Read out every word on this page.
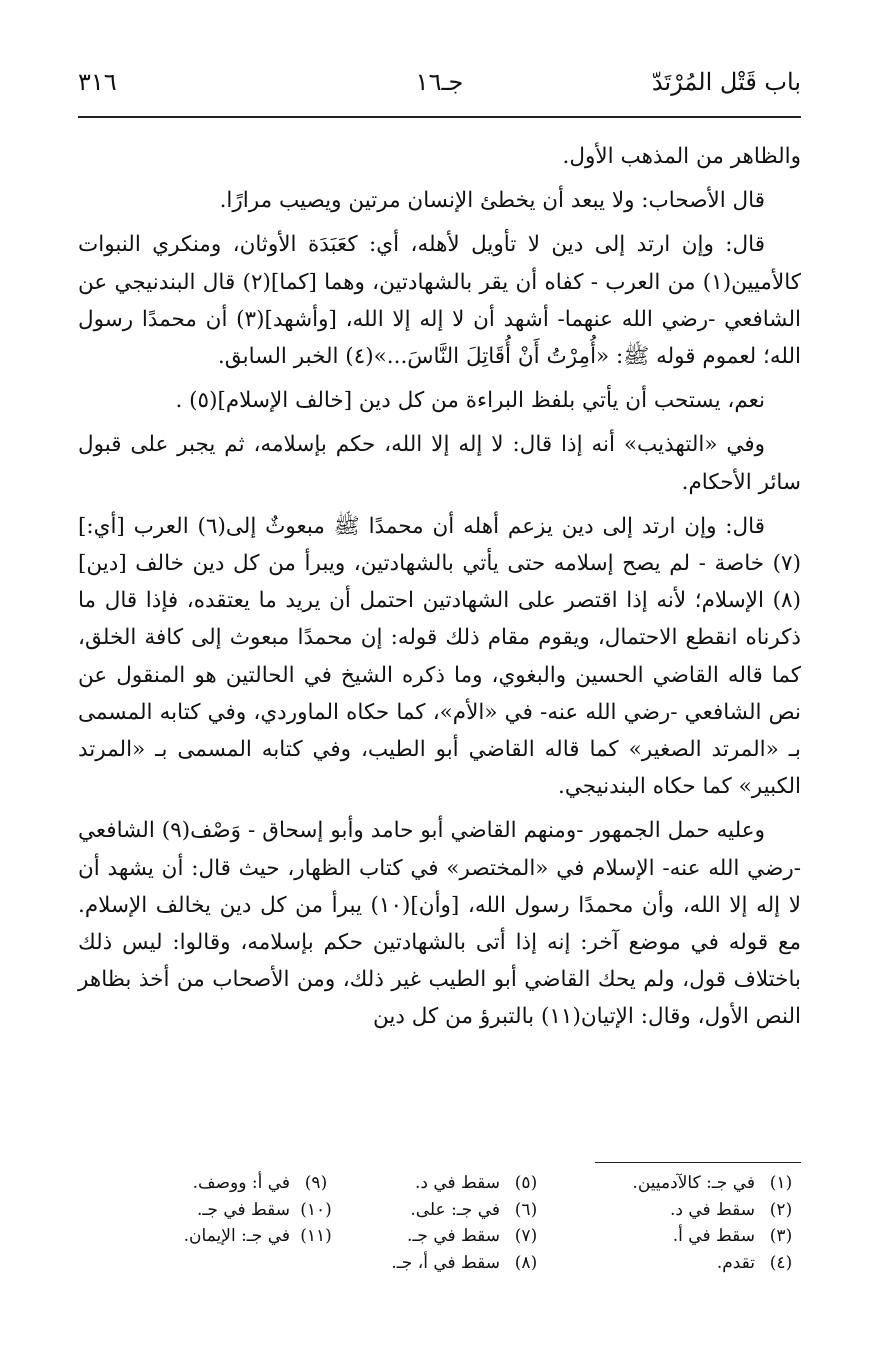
باب قَتْل المُرْتَدّ
جـ١٦
٣١٦

والظاهر من المذهب الأول.

قال الأصحاب: ولا يبعد أن يخطئ الإنسان مرتين ويصيب مرارًا.

قال: وإن ارتد إلى دين لا تأويل لأهله، أي: كعَبَدَة الأوثان، ومنكري النبوات كالأميين(١) من العرب - كفاه أن يقر بالشهادتين، وهما [كما](٢) قال البندنيجي عن الشافعي -رضي الله عنهما- أشهد أن لا إله إلا الله، [وأشهد](٣) أن محمدًا رسول الله؛ لعموم قوله ﷺ: «أُمِرْتُ أَنْ أُقَاتِلَ النَّاسَ...»(٤) الخبر السابق.

نعم، يستحب أن يأتي بلفظ البراءة من كل دين [خالف الإسلام](٥) .

وفي «التهذيب» أنه إذا قال: لا إله إلا الله، حكم بإسلامه، ثم يجبر على قبول سائر الأحكام.

قال: وإن ارتد إلى دين يزعم أهله أن محمدًا ﷺ مبعوثٌ إلى(٦) العرب [أي:](٧) خاصة - لم يصح إسلامه حتى يأتي بالشهادتين، ويبرأ من كل دين خالف [دين](٨) الإسلام؛ لأنه إذا اقتصر على الشهادتين احتمل أن يريد ما يعتقده، فإذا قال ما ذكرناه انقطع الاحتمال، ويقوم مقام ذلك قوله: إن محمدًا مبعوث إلى كافة الخلق، كما قاله القاضي الحسين والبغوي، وما ذكره الشيخ في الحالتين هو المنقول عن نص الشافعي -رضي الله عنه- في «الأم»، كما حكاه الماوردي، وفي كتابه المسمى بـ «المرتد الصغير» كما قاله القاضي أبو الطيب، وفي كتابه المسمى بـ «المرتد الكبير» كما حكاه البندنيجي.

وعليه حمل الجمهور -ومنهم القاضي أبو حامد وأبو إسحاق - وَصْف(٩) الشافعي -رضي الله عنه- الإسلام في «المختصر» في كتاب الظهار، حيث قال: أن يشهد أن لا إله إلا الله، وأن محمدًا رسول الله، [وأن](١٠) يبرأ من كل دين يخالف الإسلام. مع قوله في موضع آخر: إنه إذا أتى بالشهادتين حكم بإسلامه، وقالوا: ليس ذلك باختلاف قول، ولم يحك القاضي أبو الطيب غير ذلك، ومن الأصحاب من أخذ بظاهر النص الأول، وقال: الإتيان(١١) بالتبرؤ من كل دين

(١)في جـ: كالآدميين.
(٢)سقط في د.
(٣)سقط في أ.
(٤)تقدم.
(٥)سقط في د.
(٦)في جـ: على.
(٧)سقط في جـ.
(٨)سقط في أ، جـ.
(٩)في أ: ووصف.
(١٠)سقط في جـ.
(١١)في جـ: الإيمان.
